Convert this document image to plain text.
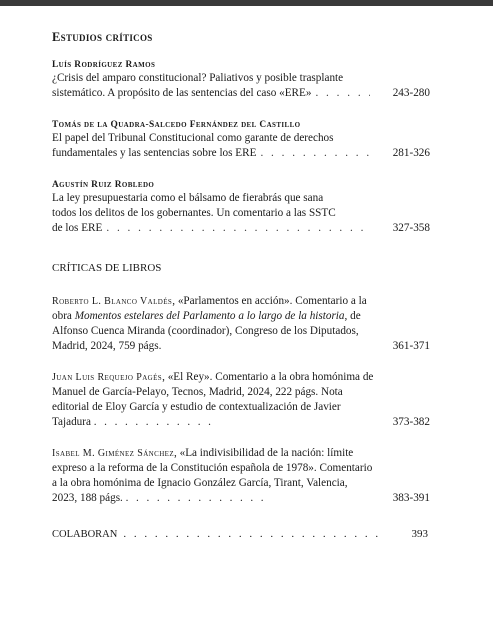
Estudios críticos
Luís Rodríguez Ramos
¿Crisis del amparo constitucional? Paliativos y posible trasplante
sistemático. A propósito de las sentencias del caso «ERE» . . .	243-280
Tomás de la Quadra-Salcedo Fernández del Castillo
El papel del Tribunal Constitucional como garante de derechos
fundamentales y las sentencias sobre los ERE . . .	281-326
Agustín Ruiz Robledo
La ley presupuestaria como el bálsamo de fierabrás que sana
todos los delitos de los gobernantes. Un comentario a las SSTC
de los ERE . . .	327-358
CRÍTICAS DE LIBROS
Roberto L. Blanco Valdés, «Parlamentos en acción». Comentario a la obra Momentos estelares del Parlamento a lo largo de la historia, de Alfonso Cuenca Miranda (coordinador), Congreso de los Diputados, Madrid, 2024, 759 págs.	361-371
Juan Luis Requejo Pagés, «El Rey». Comentario a la obra homónima de Manuel de García-Pelayo, Tecnos, Madrid, 2024, 222 págs. Nota editorial de Eloy García y estudio de contextualización de Javier Tajadura . . . . . . . . . . . .	373-382
Isabel M. Giménez Sánchez, «La indivisibilidad de la nación: límite expreso a la reforma de la Constitución española de 1978». Comentario a la obra homónima de Ignacio González García, Tirant, Valencia, 2023, 188 págs. . . . . . . . . . . . . . .	383-391
COLABORAN . . .	393
